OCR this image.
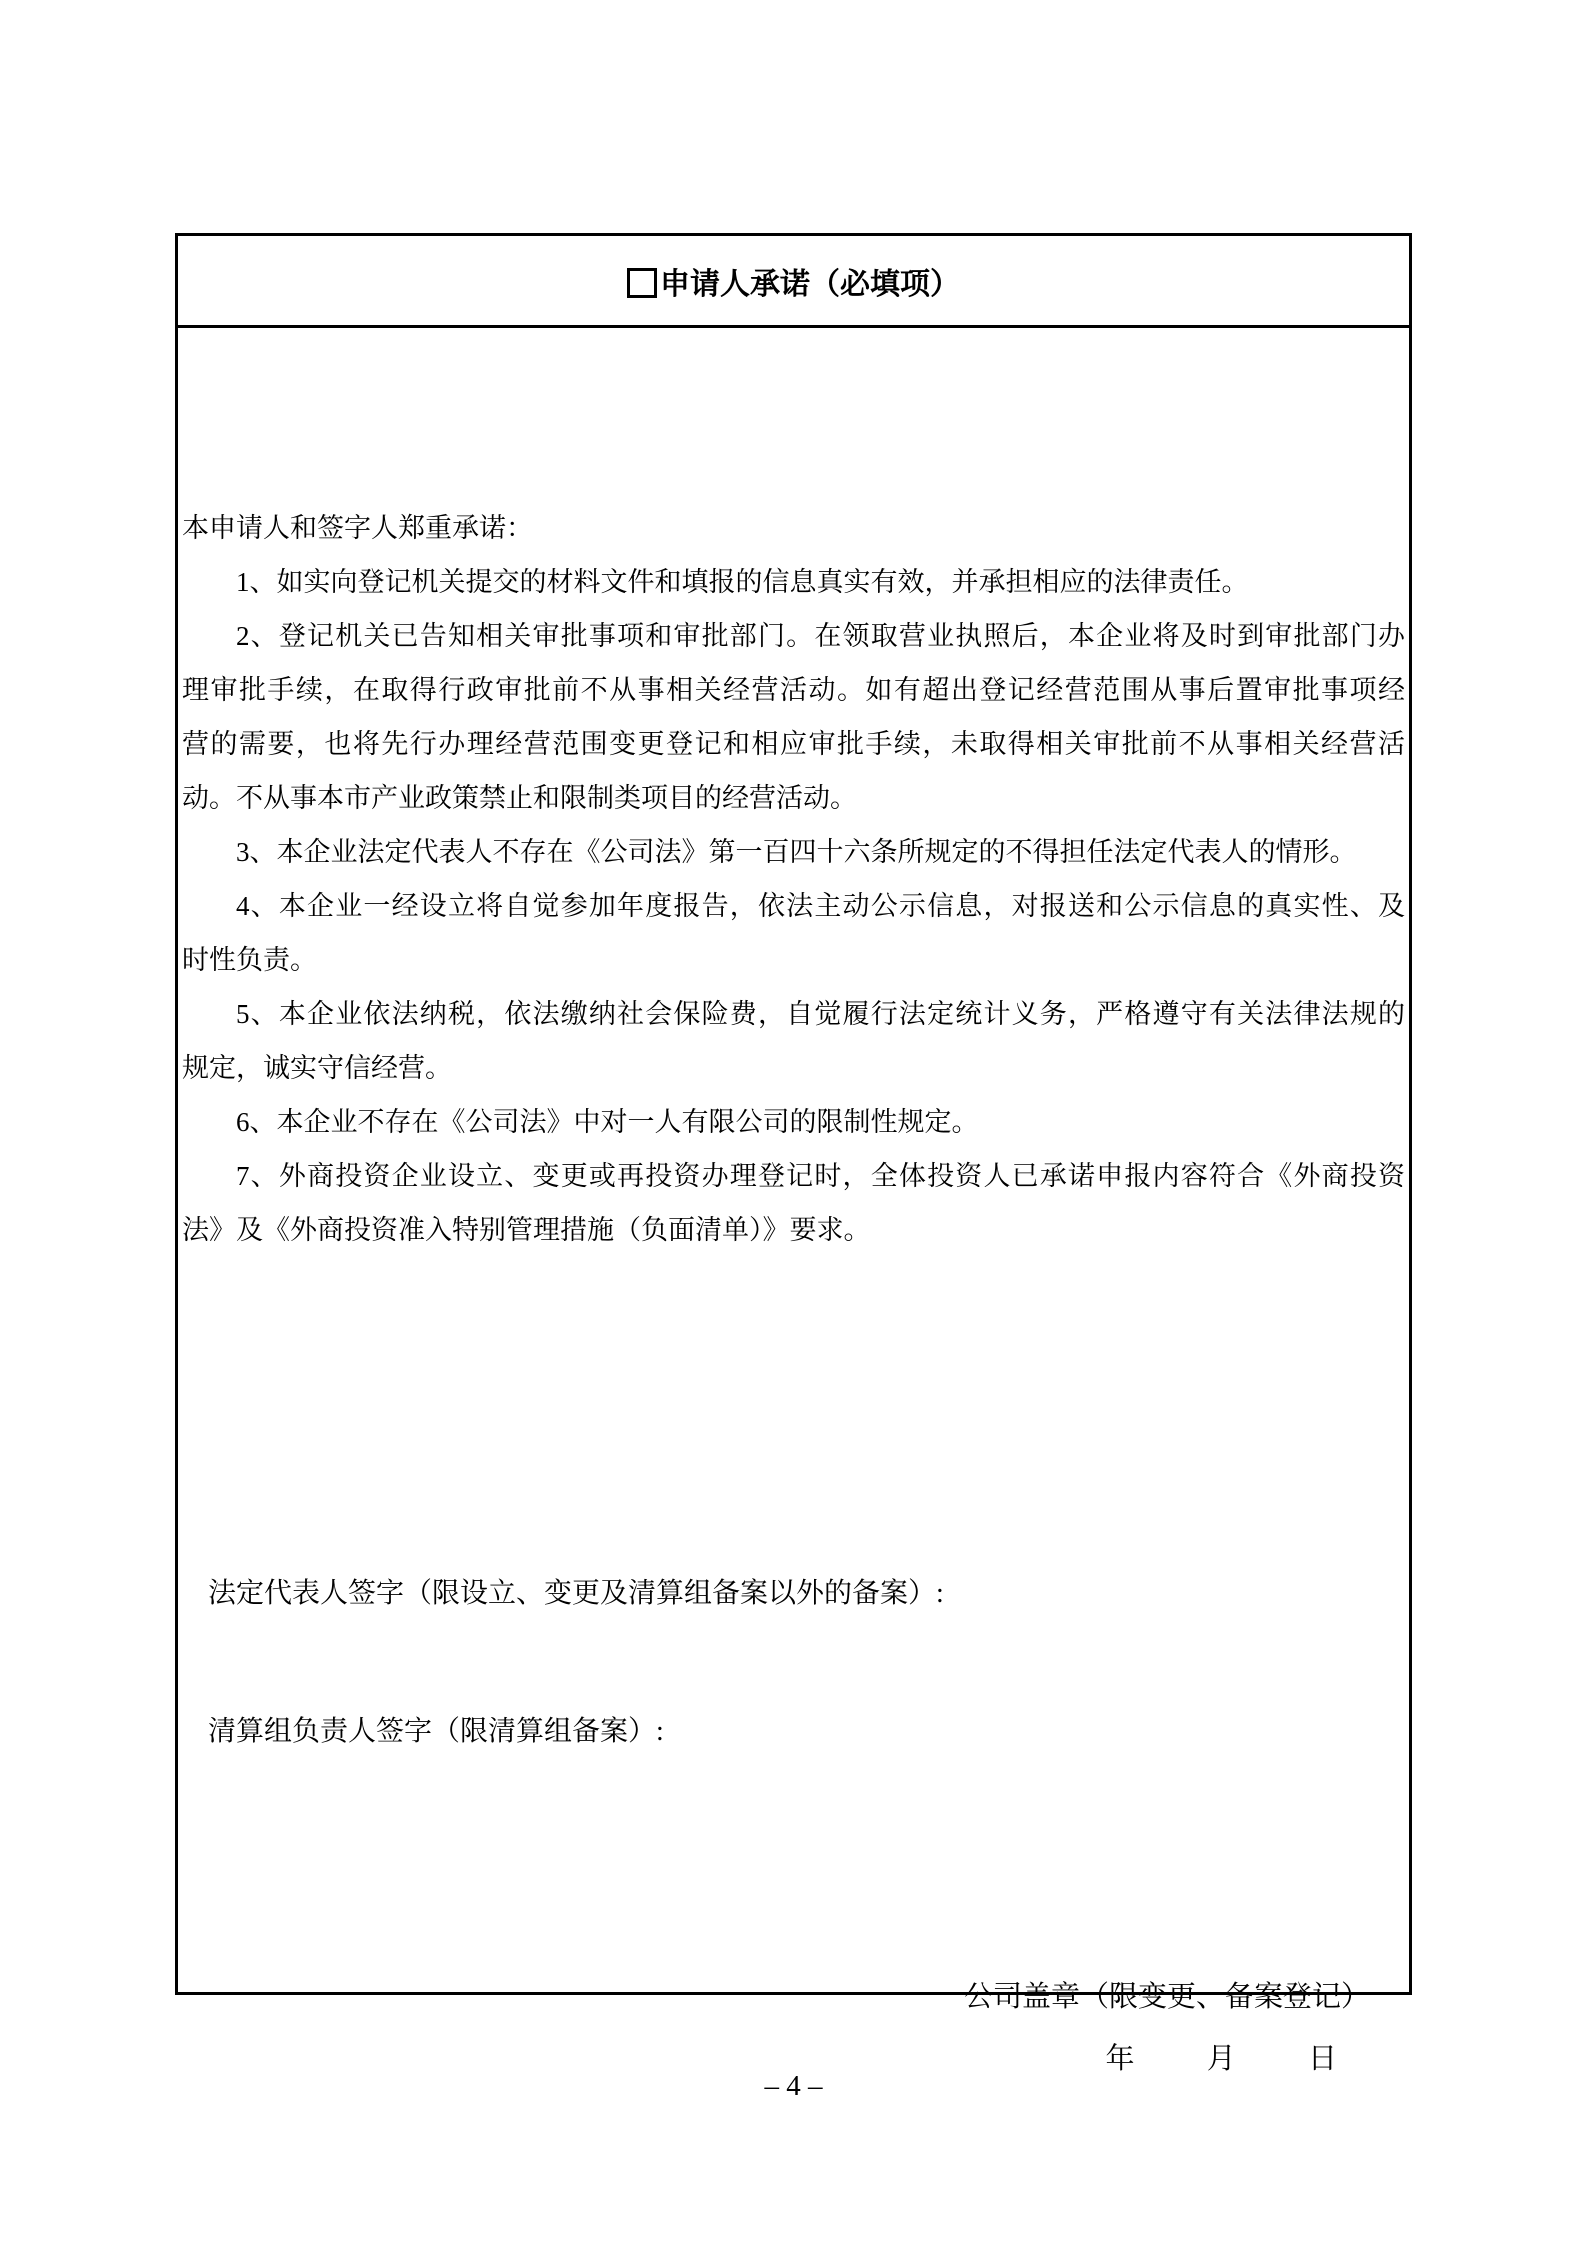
申请人承诺（必填项）
本申请人和签字人郑重承诺：
1、如实向登记机关提交的材料文件和填报的信息真实有效，并承担相应的法律责任。
2、登记机关已告知相关审批事项和审批部门。在领取营业执照后，本企业将及时到审批部门办
理审批手续，在取得行政审批前不从事相关经营活动。如有超出登记经营范围从事后置审批事项经
营的需要，也将先行办理经营范围变更登记和相应审批手续，未取得相关审批前不从事相关经营活
动。不从事本市产业政策禁止和限制类项目的经营活动。
3、本企业法定代表人不存在《公司法》第一百四十六条所规定的不得担任法定代表人的情形。
4、本企业一经设立将自觉参加年度报告，依法主动公示信息，对报送和公示信息的真实性、及
时性负责。
5、本企业依法纳税，依法缴纳社会保险费，自觉履行法定统计义务，严格遵守有关法律法规的
规定，诚实守信经营。
6、本企业不存在《公司法》中对一人有限公司的限制性规定。
7、外商投资企业设立、变更或再投资办理登记时，全体投资人已承诺申报内容符合《外商投资
法》及《外商投资准入特别管理措施（负面清单）》要求。
法定代表人签字（限设立、变更及清算组备案以外的备案）:
清算组负责人签字（限清算组备案）:
公司盖章（限变更、备案登记）
年 月 日
– 4 –
